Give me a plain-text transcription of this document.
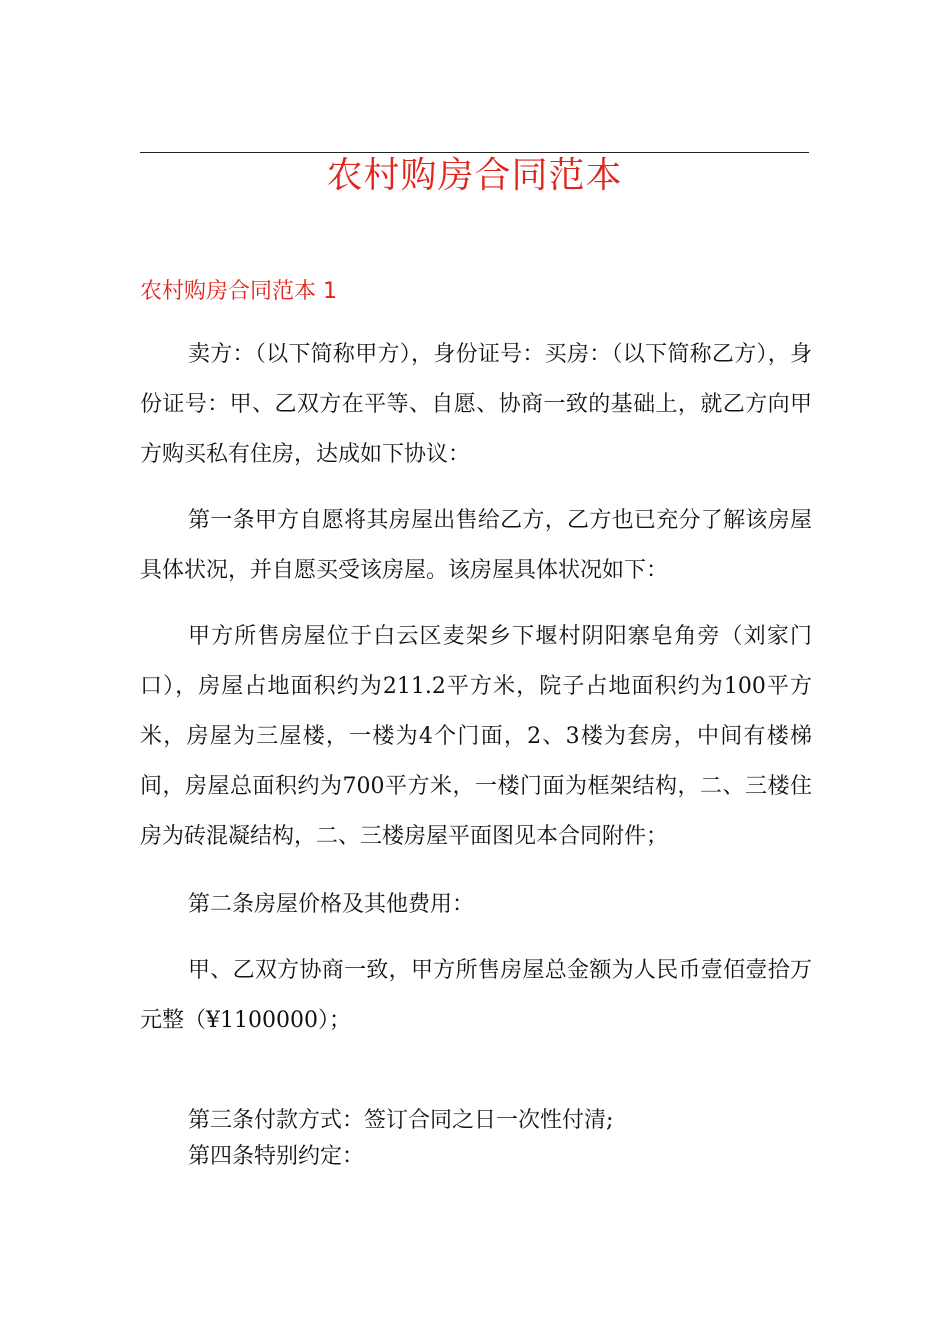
农村购房合同范本
农村购房合同范本 1

卖方：（以下简称甲方），身份证号：买房：（以下简称乙方），身份证号：甲、乙双方在平等、自愿、协商一致的基础上，就乙方向甲方购买私有住房，达成如下协议：

第一条甲方自愿将其房屋出售给乙方，乙方也已充分了解该房屋具体状况，并自愿买受该房屋。该房屋具体状况如下：

甲方所售房屋位于白云区麦架乡下堰村阴阳寨皂角旁（刘家门口），房屋占地面积约为211.2平方米，院子占地面积约为100平方米，房屋为三屋楼，一楼为4个门面，2、3楼为套房，中间有楼梯间，房屋总面积约为700平方米，一楼门面为框架结构，二、三楼住房为砖混凝结构，二、三楼房屋平面图见本合同附件；

第二条房屋价格及其他费用：

甲、乙双方协商一致，甲方所售房屋总金额为人民币壹佰壹拾万元整（¥1100000）；

第三条付款方式：签订合同之日一次性付清;

第四条特别约定：
